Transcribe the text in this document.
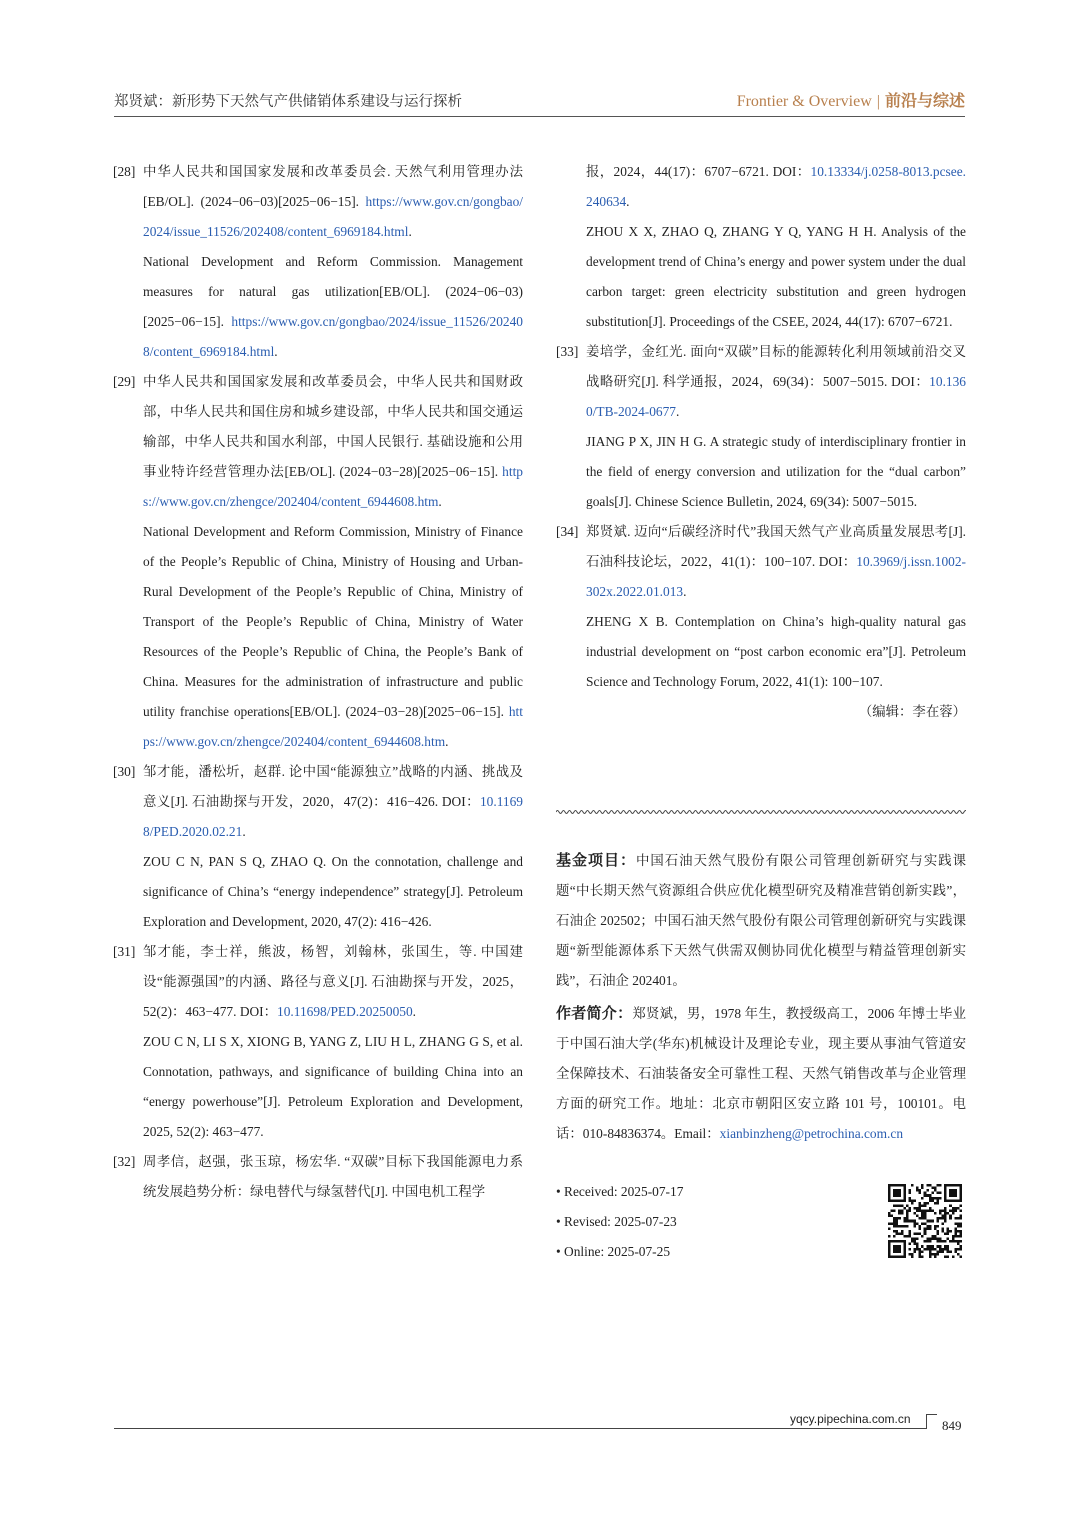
郑贤斌：新形势下天然气产供储销体系建设与运行探析	Frontier & Overview | 前沿与综述
[28] 中华人民共和国国家发展和改革委员会. 天然气利用管理办法[EB/OL]. (2024−06−03)[2025−06−15]. https://www.gov.cn/gongbao/2024/issue_11526/202408/content_6969184.html.

National Development and Reform Commission. Management measures for natural gas utilization[EB/OL]. (2024−06−03)[2025−06−15]. https://www.gov.cn/gongbao/2024/issue_11526/202408/content_6969184.html.

[29] 中华人民共和国国家发展和改革委员会，中华人民共和国财政部，中华人民共和国住房和城乡建设部，中华人民共和国交通运输部，中华人民共和国水利部，中国人民银行. 基础设施和公用事业特许经营管理办法[EB/OL]. (2024−03−28)[2025−06−15]. https://www.gov.cn/zhengce/202404/content_6944608.htm.

National Development and Reform Commission, Ministry of Finance of the People’s Republic of China, Ministry of Housing and Urban-Rural Development of the People’s Republic of China, Ministry of Transport of the People’s Republic of China, Ministry of Water Resources of the People’s Republic of China, the People’s Bank of China. Measures for the administration of infrastructure and public utility franchise operations[EB/OL]. (2024−03−28)[2025−06−15]. https://www.gov.cn/zhengce/202404/content_6944608.htm.

[30] 邹才能，潘松圻，赵群. 论中国“能源独立”战略的内涵、挑战及意义[J]. 石油勘探与开发，2020，47(2)：416−426. DOI：10.11698/PED.2020.02.21.

ZOU C N, PAN S Q, ZHAO Q. On the connotation, challenge and significance of China’s “energy independence” strategy[J]. Petroleum Exploration and Development, 2020, 47(2): 416−426.

[31] 邹才能，李士祥，熊波，杨智，刘翰林，张国生，等. 中国建设“能源强国”的内涵、路径与意义[J]. 石油勘探与开发，2025，52(2)：463−477. DOI：10.11698/PED.20250050.

ZOU C N, LI S X, XIONG B, YANG Z, LIU H L, ZHANG G S, et al. Connotation, pathways, and significance of building China into an “energy powerhouse”[J]. Petroleum Exploration and Development, 2025, 52(2): 463−477.

[32] 周孝信，赵强，张玉琼，杨宏华. “双碳”目标下我国能源电力系统发展趋势分析：绿电替代与绿氢替代[J]. 中国电机工程学

报，2024，44(17)：6707−6721. DOI：10.13334/j.0258-8013.pcsee.240634.

ZHOU X X, ZHAO Q, ZHANG Y Q, YANG H H. Analysis of the development trend of China’s energy and power system under the dual carbon target: green electricity substitution and green hydrogen substitution[J]. Proceedings of the CSEE, 2024, 44(17): 6707−6721.

[33] 姜培学，金红光. 面向“双碳”目标的能源转化利用领域前沿交叉战略研究[J]. 科学通报，2024，69(34)：5007−5015. DOI：10.1360/TB-2024-0677.

JIANG P X, JIN H G. A strategic study of interdisciplinary frontier in the field of energy conversion and utilization for the “dual carbon” goals[J]. Chinese Science Bulletin, 2024, 69(34): 5007−5015.

[34] 郑贤斌. 迈向“后碳经济时代”我国天然气产业高质量发展思考[J]. 石油科技论坛，2022，41(1)：100−107. DOI：10.3969/j.issn.1002-302x.2022.01.013.

ZHENG X B. Contemplation on China’s high-quality natural gas industrial development on “post carbon economic era”[J]. Petroleum Science and Technology Forum, 2022, 41(1): 100−107.

（编辑：李在蓉）

基金项目：中国石油天然气股份有限公司管理创新研究与实践课题“中长期天然气资源组合供应优化模型研究及精准营销创新实践”，石油企 202502；中国石油天然气股份有限公司管理创新研究与实践课题“新型能源体系下天然气供需双侧协同优化模型与精益管理创新实践”，石油企 202401。

作者简介：郑贤斌，男，1978 年生，教授级高工，2006 年博士毕业于中国石油大学(华东)机械设计及理论专业，现主要从事油气管道安全保障技术、石油装备安全可靠性工程、天然气销售改革与企业管理方面的研究工作。地址：北京市朝阳区安立路 101 号，100101。电话：010-84836374。Email：xianbinzheng@petrochina.com.cn

• Received: 2025-07-17
• Revised: 2025-07-23
• Online: 2025-07-25
yqcy.pipechina.com.cn 849
